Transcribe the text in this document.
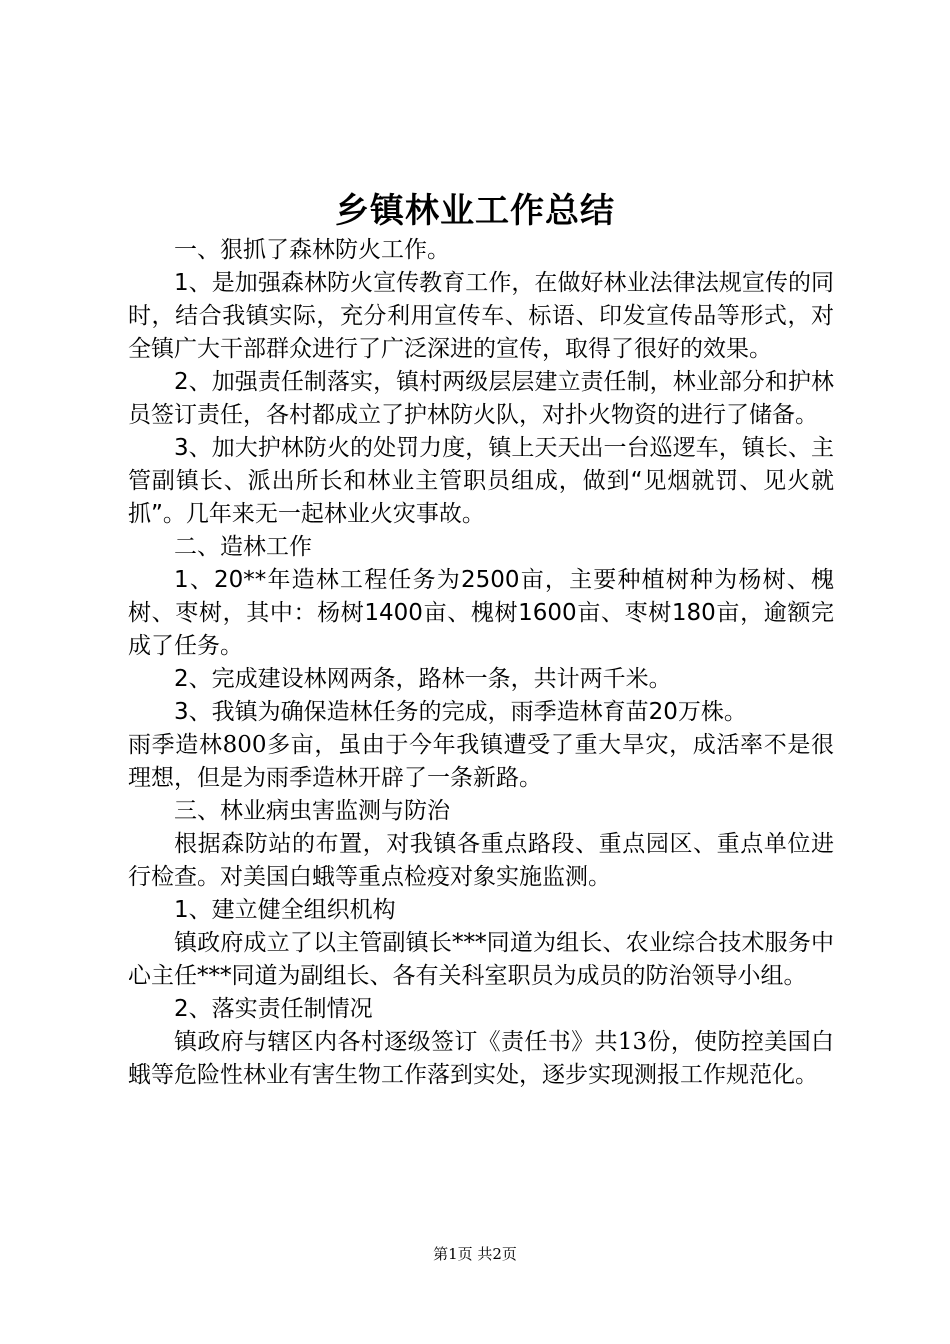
乡镇林业工作总结

一、狠抓了森林防火工作。

1、是加强森林防火宣传教育工作，在做好林业法律法规宣传的同时，结合我镇实际，充分利用宣传车、标语、印发宣传品等形式，对全镇广大干部群众进行了广泛深进的宣传，取得了很好的效果。

2、加强责任制落实，镇村两级层层建立责任制，林业部分和护林员签订责任，各村都成立了护林防火队，对扑火物资的进行了储备。

3、加大护林防火的处罚力度，镇上天天出一台巡逻车，镇长、主管副镇长、派出所长和林业主管职员组成，做到“见烟就罚、见火就抓”。几年来无一起林业火灾事故。

二、造林工作

1、20**年造林工程任务为2500亩，主要种植树种为杨树、槐树、枣树，其中：杨树1400亩、槐树1600亩、枣树180亩，逾额完成了任务。

2、完成建设林网两条，路林一条，共计两千米。

3、我镇为确保造林任务的完成，雨季造林育苗20万株。

雨季造林800多亩，虽由于今年我镇遭受了重大旱灾，成活率不是很理想，但是为雨季造林开辟了一条新路。

三、林业病虫害监测与防治

根据森防站的布置，对我镇各重点路段、重点园区、重点单位进行检查。对美国白蛾等重点检疫对象实施监测。

1、建立健全组织机构

镇政府成立了以主管副镇长***同道为组长、农业综合技术服务中心主任***同道为副组长、各有关科室职员为成员的防治领导小组。

2、落实责任制情况

镇政府与辖区内各村逐级签订《责任书》共13份，使防控美国白蛾等危险性林业有害生物工作落到实处，逐步实现测报工作规范化。

第1页 共2页
